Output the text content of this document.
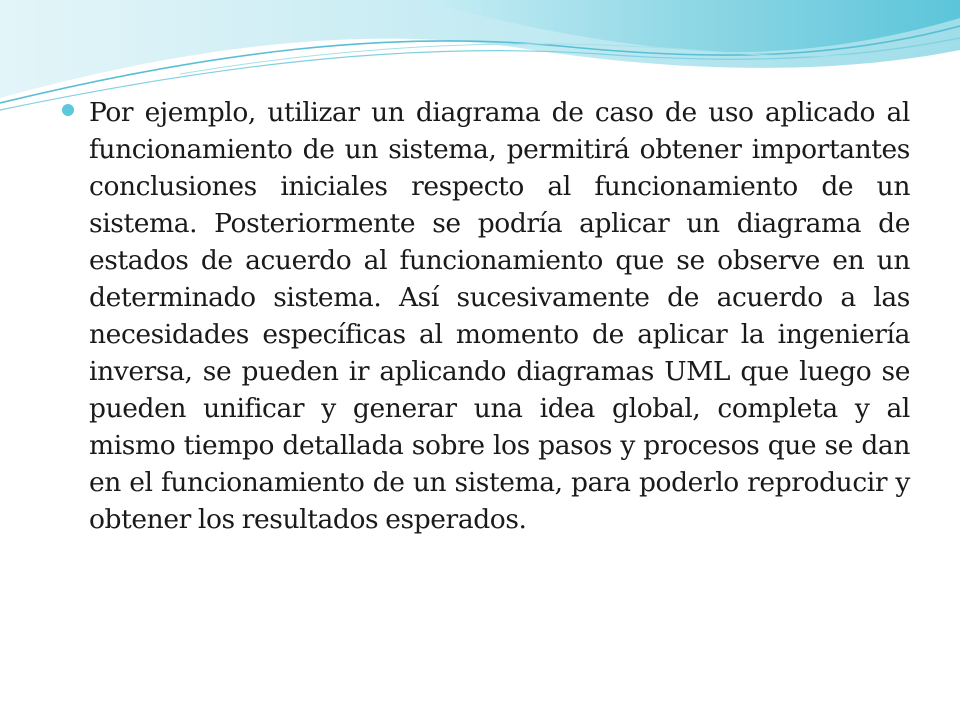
Por ejemplo, utilizar un diagrama de caso de uso aplicado al funcionamiento de un sistema, permitirá obtener importantes conclusiones iniciales respecto al funcionamiento de un sistema. Posteriormente se podría aplicar un diagrama de estados de acuerdo al funcionamiento que se observe en un determinado sistema. Así sucesivamente de acuerdo a las necesidades específicas al momento de aplicar la ingeniería inversa, se pueden ir aplicando diagramas UML que luego se pueden unificar y generar una idea global, completa y al mismo tiempo detallada sobre los pasos y procesos que se dan en el funcionamiento de un sistema, para poderlo reproducir y obtener los resultados esperados.
